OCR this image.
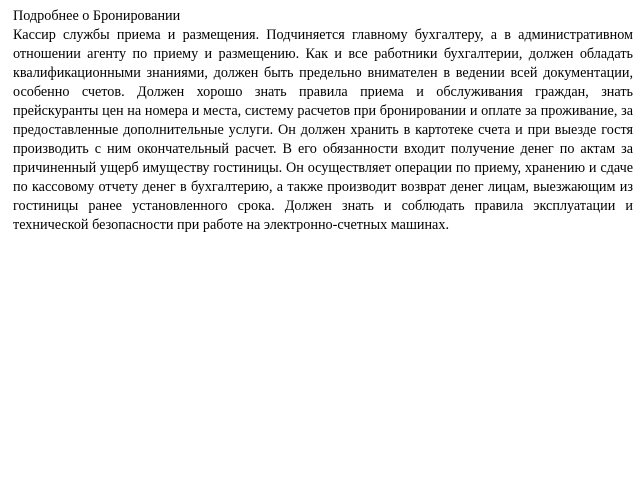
Подробнее о Бронировании
Кассир службы приема и размещения. Подчиняется главному бухгалтеру, а в административном отношении агенту по приему и размещению. Как и все работники бухгалтерии, должен обладать квалификационными знаниями, должен быть предельно внимателен в ведении всей документации, особенно счетов. Должен хорошо знать правила приема и обслуживания граждан, знать прейскуранты цен на номера и места, систему расчетов при бронировании и оплате за проживание, за предоставленные дополнительные услуги. Он должен хранить в картотеке счета и при выезде гостя производить с ним окончательный расчет. В его обязанности входит получение денег по актам за причиненный ущерб имуществу гостиницы. Он осуществляет операции по приему, хранению и сдаче по кассовому отчету денег в бухгалтерию, а также производит возврат денег лицам, выезжающим из гостиницы ранее установленного срока. Должен знать и соблюдать правила эксплуатации и технической безопасности при работе на электронно-счетных машинах.
